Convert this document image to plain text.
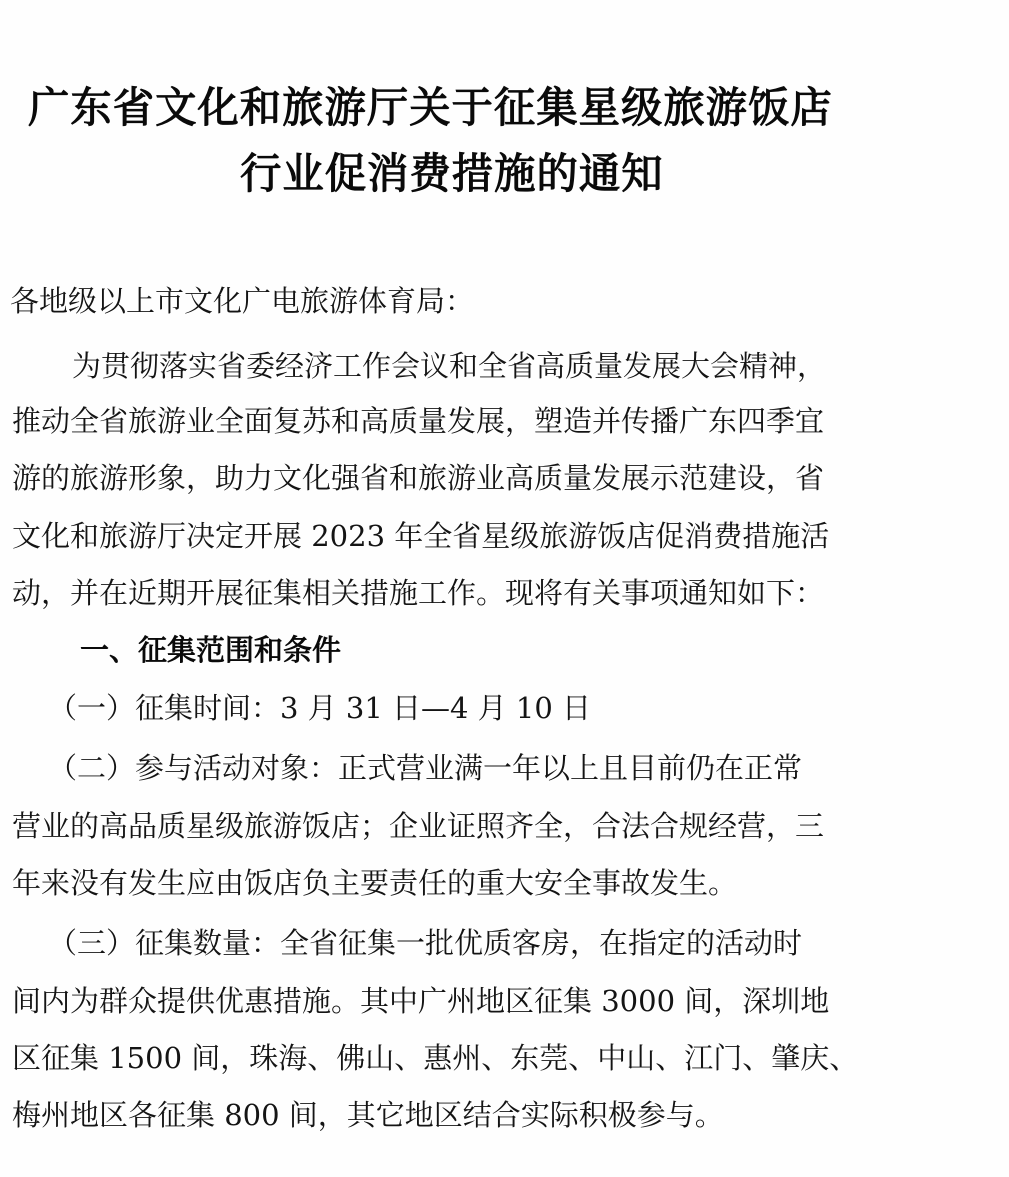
广东省文化和旅游厅关于征集星级旅游饭店
行业促消费措施的通知
各地级以上市文化广电旅游体育局：
为贯彻落实省委经济工作会议和全省高质量发展大会精神，
推动全省旅游业全面复苏和高质量发展，塑造并传播广东四季宜
游的旅游形象，助力文化强省和旅游业高质量发展示范建设，省
文化和旅游厅决定开展 2023 年全省星级旅游饭店促消费措施活
动，并在近期开展征集相关措施工作。现将有关事项通知如下：
一、征集范围和条件
（一）征集时间：3 月 31 日—4 月 10 日
（二）参与活动对象：正式营业满一年以上且目前仍在正常
营业的高品质星级旅游饭店；企业证照齐全，合法合规经营，三
年来没有发生应由饭店负主要责任的重大安全事故发生。
（三）征集数量：全省征集一批优质客房，在指定的活动时
间内为群众提供优惠措施。其中广州地区征集 3000 间，深圳地
区征集 1500 间，珠海、佛山、惠州、东莞、中山、江门、肇庆、
梅州地区各征集 800 间，其它地区结合实际积极参与。
